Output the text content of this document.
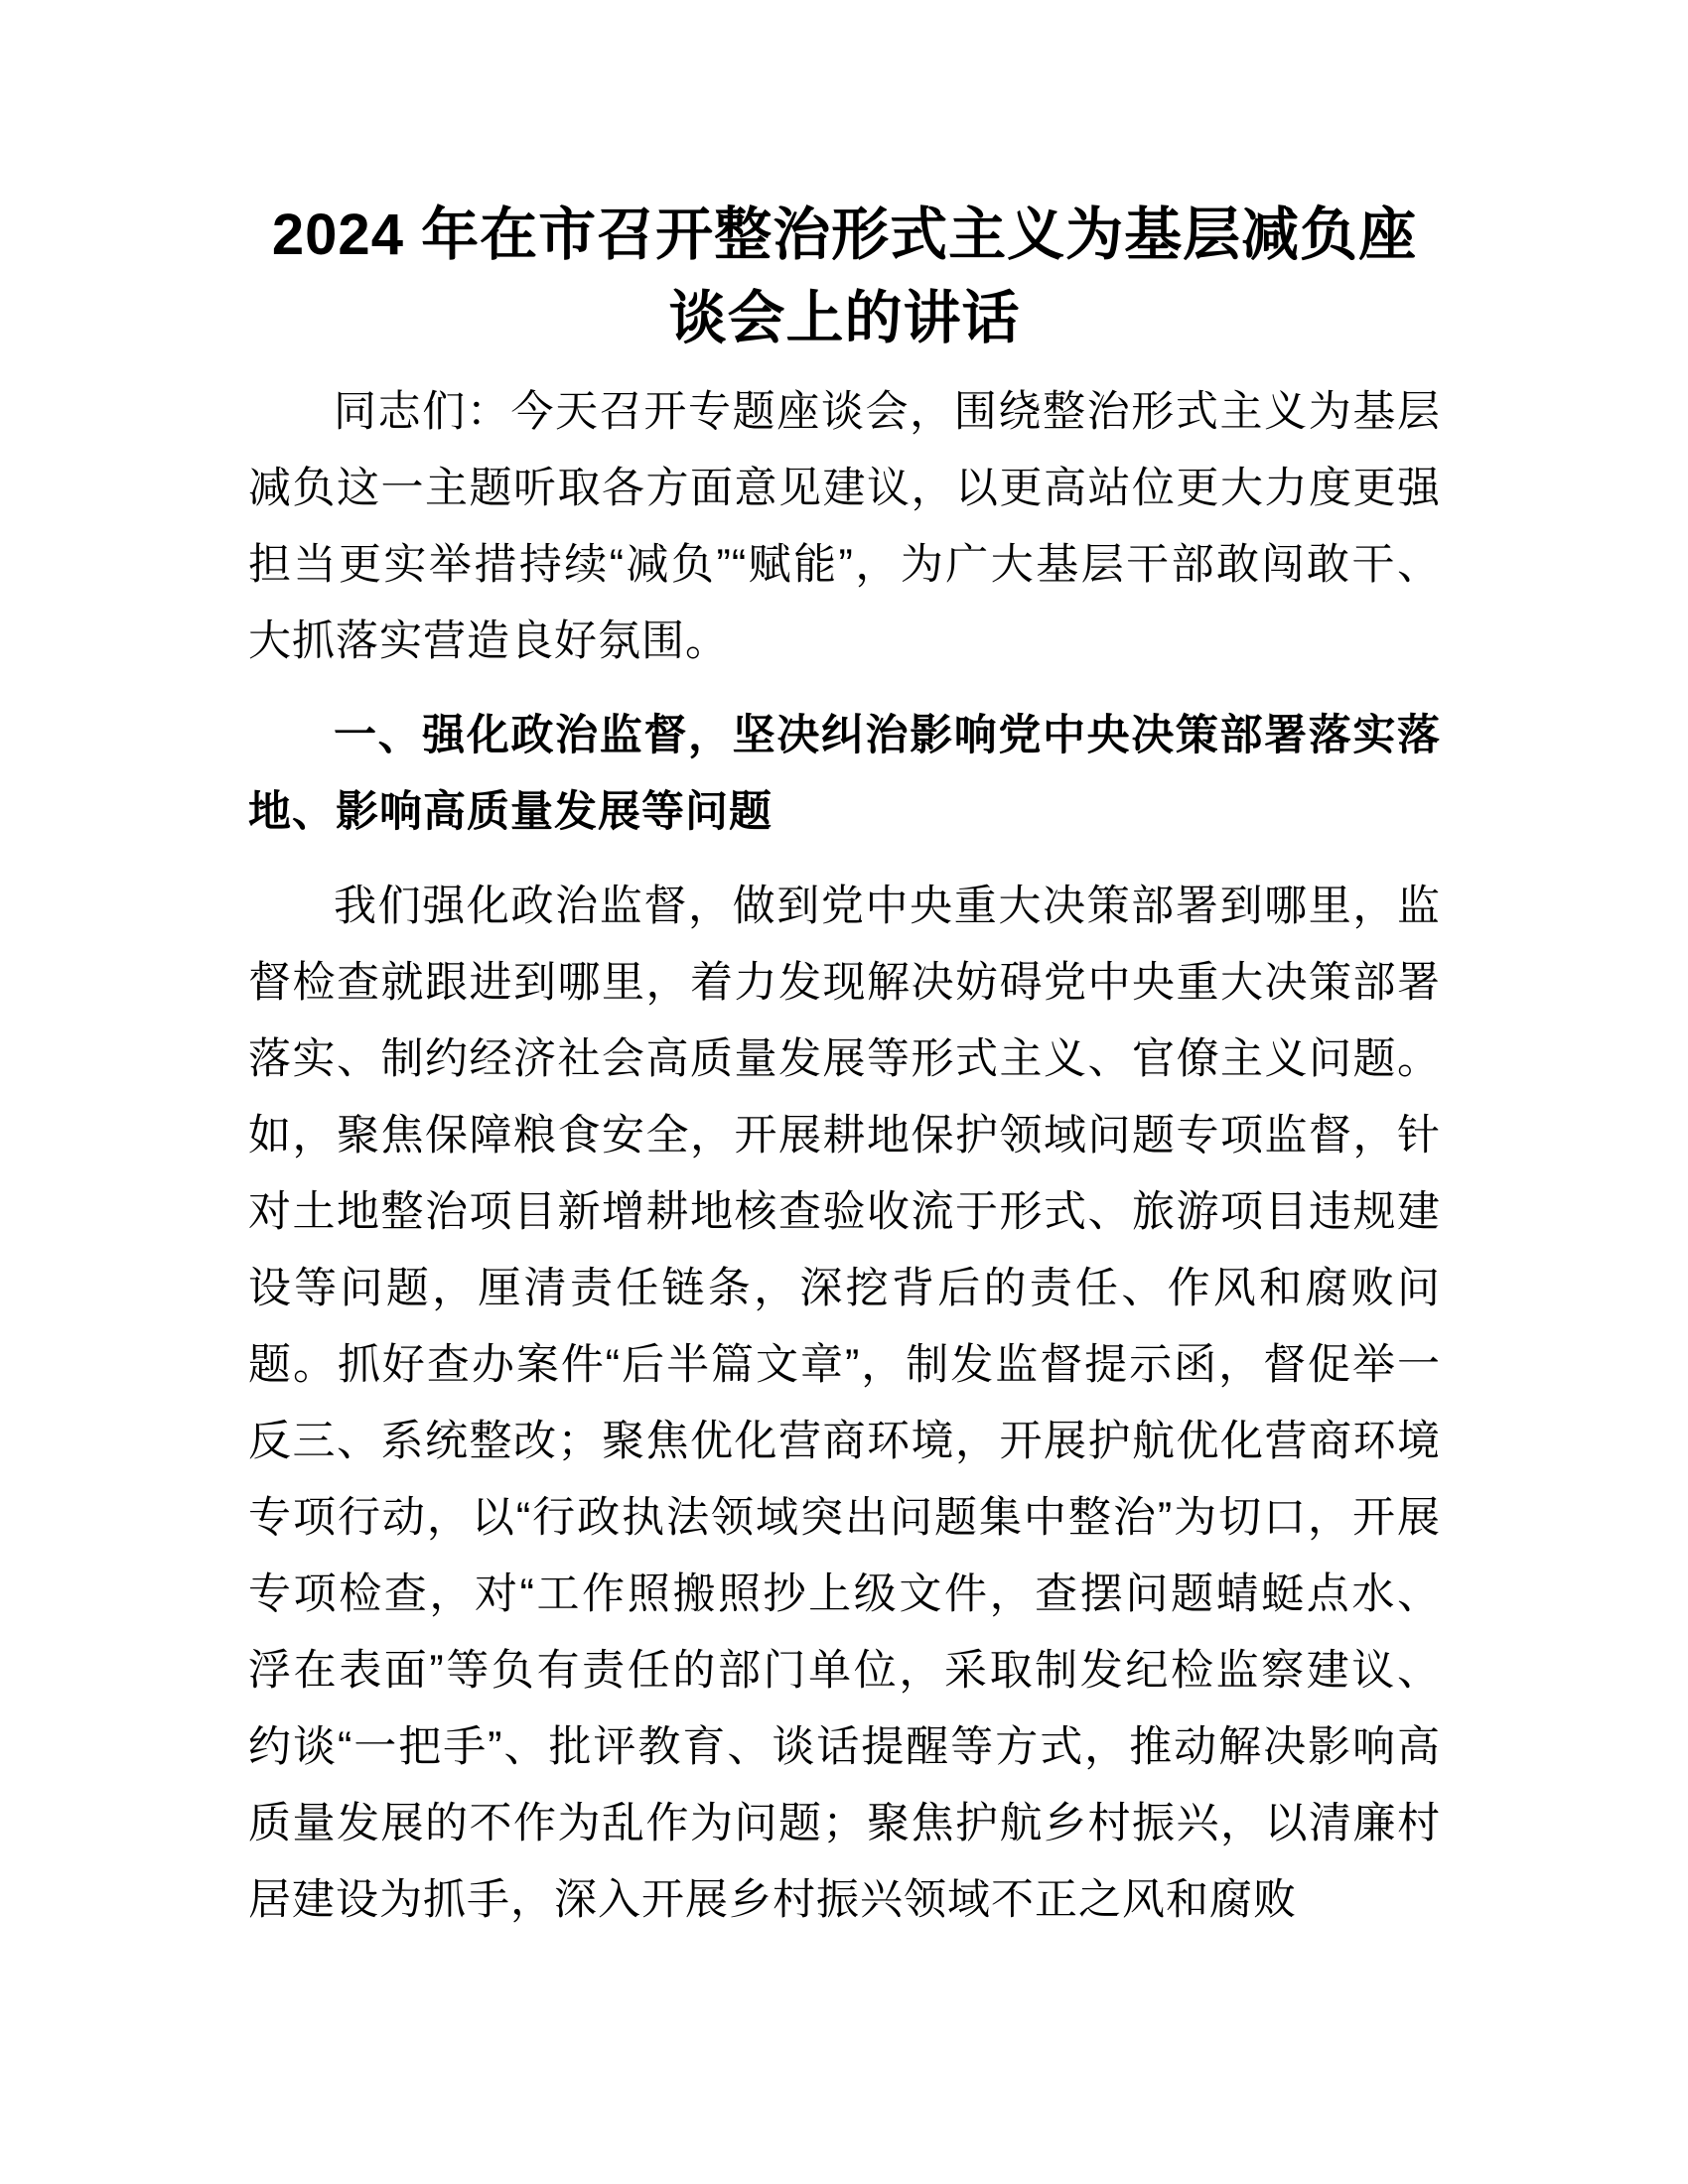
2024 年在市召开整治形式主义为基层减负座谈会上的讲话

同志们：今天召开专题座谈会，围绕整治形式主义为基层减负这一主题听取各方面意见建议，以更高站位更大力度更强担当更实举措持续“减负”“赋能”，为广大基层干部敢闯敢干、大抓落实营造良好氛围。

一、强化政治监督，坚决纠治影响党中央决策部署落实落地、影响高质量发展等问题

我们强化政治监督，做到党中央重大决策部署到哪里，监督检查就跟进到哪里，着力发现解决妨碍党中央重大决策部署落实、制约经济社会高质量发展等形式主义、官僚主义问题。如，聚焦保障粮食安全，开展耕地保护领域问题专项监督，针对土地整治项目新增耕地核查验收流于形式、旅游项目违规建设等问题，厘清责任链条，深挖背后的责任、作风和腐败问题。抓好查办案件“后半篇文章”，制发监督提示函，督促举一反三、系统整改；聚焦优化营商环境，开展护航优化营商环境专项行动，以“行政执法领域突出问题集中整治”为切口，开展专项检查，对“工作照搬照抄上级文件，查摆问题蜻蜓点水、浮在表面”等负有责任的部门单位，采取制发纪检监察建议、约谈“一把手”、批评教育、谈话提醒等方式，推动解决影响高质量发展的不作为乱作为问题；聚焦护航乡村振兴，以清廉村居建设为抓手，深入开展乡村振兴领域不正之风和腐败
